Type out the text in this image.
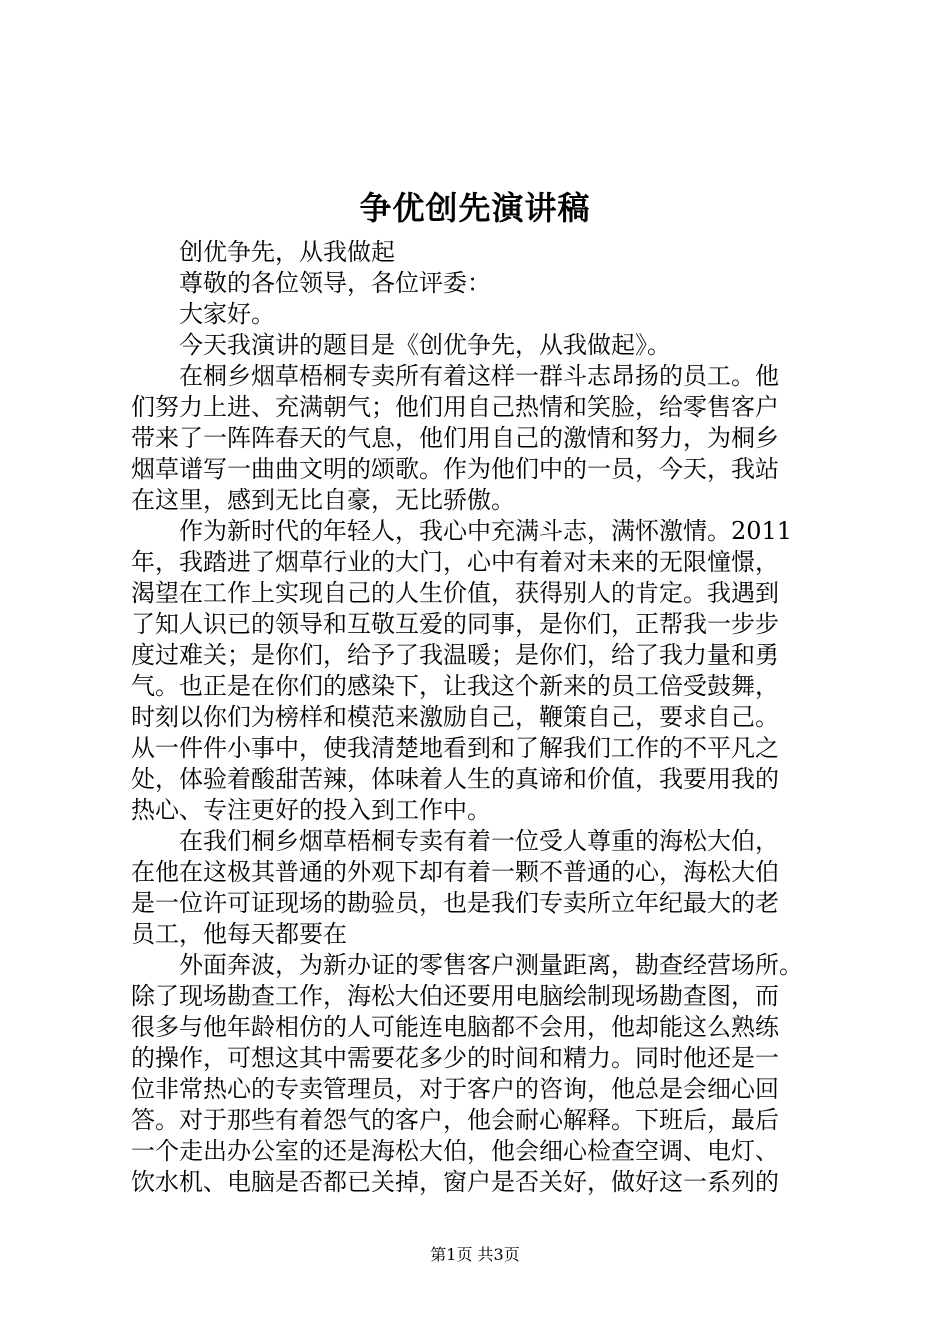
争优创先演讲稿
创优争先，从我做起
尊敬的各位领导，各位评委：
大家好。
今天我演讲的题目是《创优争先，从我做起》。
在桐乡烟草梧桐专卖所有着这样一群斗志昂扬的员工。他
们努力上进、充满朝气；他们用自己热情和笑脸，给零售客户
带来了一阵阵春天的气息，他们用自己的激情和努力，为桐乡
烟草谱写一曲曲文明的颂歌。作为他们中的一员，今天，我站
在这里，感到无比自豪，无比骄傲。
作为新时代的年轻人，我心中充满斗志，满怀激情。2011
年，我踏进了烟草行业的大门，心中有着对未来的无限憧憬，
渴望在工作上实现自己的人生价值，获得别人的肯定。我遇到
了知人识已的领导和互敬互爱的同事，是你们，正帮我一步步
度过难关；是你们，给予了我温暖；是你们，给了我力量和勇
气。也正是在你们的感染下，让我这个新来的员工倍受鼓舞，
时刻以你们为榜样和模范来激励自己，鞭策自己，要求自己。
从一件件小事中，使我清楚地看到和了解我们工作的不平凡之
处，体验着酸甜苦辣，体味着人生的真谛和价值，我要用我的
热心、专注更好的投入到工作中。
在我们桐乡烟草梧桐专卖有着一位受人尊重的海松大伯，
在他在这极其普通的外观下却有着一颗不普通的心，海松大伯
是一位许可证现场的勘验员，也是我们专卖所立年纪最大的老
员工，他每天都要在
外面奔波，为新办证的零售客户测量距离，勘查经营场所。
除了现场勘查工作，海松大伯还要用电脑绘制现场勘查图，而
很多与他年龄相仿的人可能连电脑都不会用，他却能这么熟练
的操作，可想这其中需要花多少的时间和精力。同时他还是一
位非常热心的专卖管理员，对于客户的咨询，他总是会细心回
答。对于那些有着怨气的客户，他会耐心解释。下班后，最后
一个走出办公室的还是海松大伯，他会细心检查空调、电灯、
饮水机、电脑是否都已关掉，窗户是否关好，做好这一系列的
第1页 共3页
